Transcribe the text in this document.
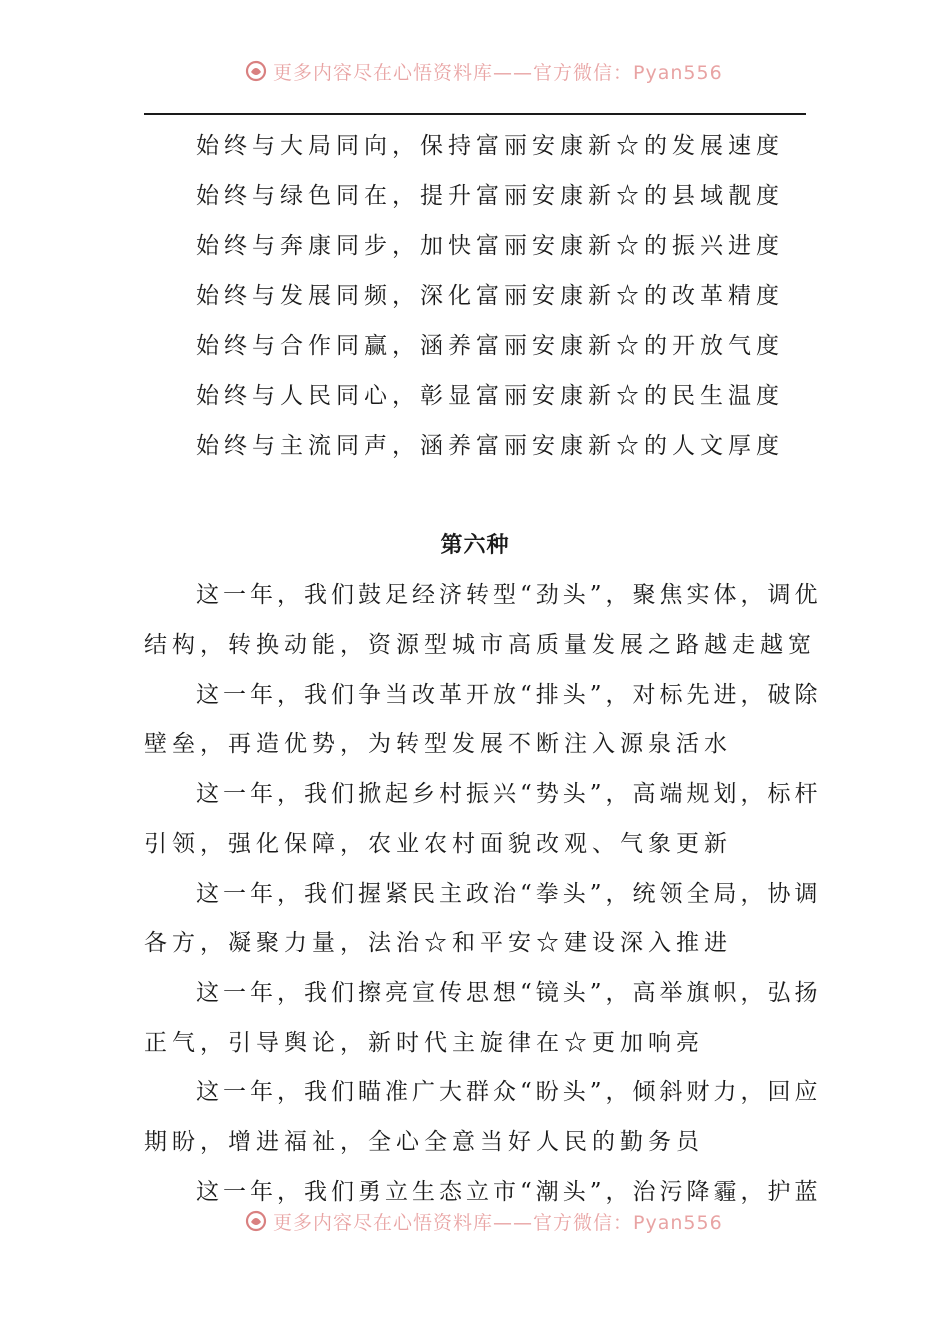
更多内容尽在心悟资料库——官方微信：Pyan556
始终与大局同向，保持富丽安康新☆的发展速度
始终与绿色同在，提升富丽安康新☆的县域靓度
始终与奔康同步，加快富丽安康新☆的振兴进度
始终与发展同频，深化富丽安康新☆的改革精度
始终与合作同赢，涵养富丽安康新☆的开放气度
始终与人民同心，彰显富丽安康新☆的民生温度
始终与主流同声，涵养富丽安康新☆的人文厚度
第六种
这一年，我们鼓足经济转型“劲头”，聚焦实体，调优
结构，转换动能，资源型城市高质量发展之路越走越宽
这一年，我们争当改革开放“排头”，对标先进，破除
壁垒，再造优势，为转型发展不断注入源泉活水
这一年，我们掀起乡村振兴“势头”，高端规划，标杆
引领，强化保障，农业农村面貌改观、气象更新
这一年，我们握紧民主政治“拳头”，统领全局，协调
各方，凝聚力量，法治☆和平安☆建设深入推进
这一年，我们擦亮宣传思想“镜头”，高举旗帜，弘扬
正气，引导舆论，新时代主旋律在☆更加响亮
这一年，我们瞄准广大群众“盼头”，倾斜财力，回应
期盼，增进福祉，全心全意当好人民的勤务员
这一年，我们勇立生态立市“潮头”，治污降霾，护蓝
更多内容尽在心悟资料库——官方微信：Pyan556
